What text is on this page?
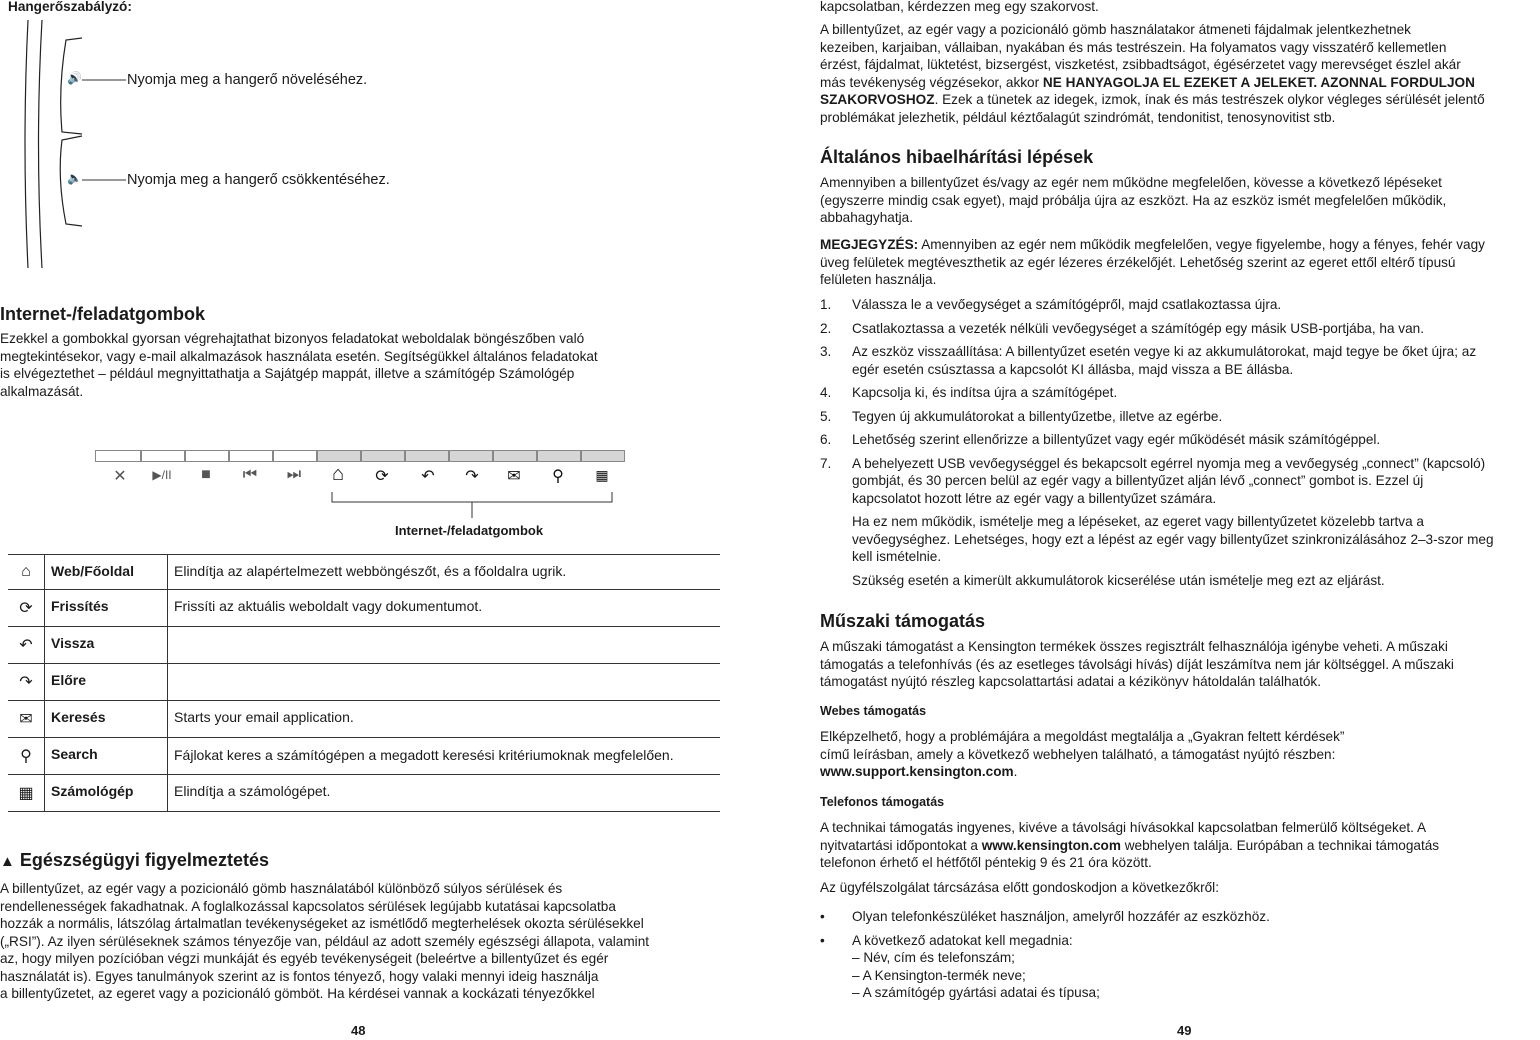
Hangerőszabályzó:
🔊
🔈
Nyomja meg a hangerő növeléséhez.
Nyomja meg a hangerő csökkentéséhez.
Internet-/feladatgombok
Ezekkel a gombokkal gyorsan végrehajtathat bizonyos feladatokat weboldalak böngészőben való
megtekintésekor, vagy e-mail alkalmazások használata esetén. Segítségükkel általános feladatokat
is elvégeztethet – például megnyittathatja a Sajátgép mappát, illetve a számítógép Számológép
alkalmazását.
✕	▶/II	■	⏮	⏭	⌂	⟳	↶	↷	✉	⚲	▦
Internet-/feladatgombok
⌂	Web/Főoldal	Elindítja az alapértelmezett webböngészőt, és a főoldalra ugrik.
⟳	Frissítés	Frissíti az aktuális weboldalt vagy dokumentumot.
↶	Vissza	
↷	Előre	
✉	Keresés	Starts your email application.
⚲	Search	Fájlokat keres a számítógépen a megadott keresési kritériumoknak megfelelően.
▦	Számológép	Elindítja a számológépet.
▲ Egészségügyi figyelmeztetés
A billentyűzet, az egér vagy a pozicionáló gömb használatából különböző súlyos sérülések és
rendellenességek fakadhatnak. A foglalkozással kapcsolatos sérülések legújabb kutatásai kapcsolatba
hozzák a normális, látszólag ártalmatlan tevékenységeket az ismétlődő megterhelések okozta sérülésekkel
(„RSI”). Az ilyen sérüléseknek számos tényezője van, például az adott személy egészségi állapota, valamint
az, hogy milyen pozícióban végzi munkáját és egyéb tevékenységeit (beleértve a billentyűzet és egér
használatát is). Egyes tanulmányok szerint az is fontos tényező, hogy valaki mennyi ideig használja
a billentyűzetet, az egeret vagy a pozicionáló gömböt. Ha kérdései vannak a kockázati tényezőkkel
48
kapcsolatban, kérdezzen meg egy szakorvost.
A billentyűzet, az egér vagy a pozicionáló gömb használatakor átmeneti fájdalmak jelentkezhetnek
kezeiben, karjaiban, vállaiban, nyakában és más testrészein. Ha folyamatos vagy visszatérő kellemetlen
érzést, fájdalmat, lüktetést, bizsergést, viszketést, zsibbadtságot, égésérzetet vagy merevséget észlel akár
más tevékenység végzésekor, akkor NE HANYAGOLJA EL EZEKET A JELEKET. AZONNAL FORDULJON
SZAKORVOSHOZ. Ezek a tünetek az idegek, izmok, ínak és más testrészek olykor végleges sérülését jelentő
problémákat jelezhetik, például kéztőalagút szindrómát, tendonitist, tenosynovitist stb.
Általános hibaelhárítási lépések
Amennyiben a billentyűzet és/vagy az egér nem működne megfelelően, kövesse a következő lépéseket
(egyszerre mindig csak egyet), majd próbálja újra az eszközt. Ha az eszköz ismét megfelelően működik,
abbahagyhatja.
MEGJEGYZÉS: Amennyiben az egér nem működik megfelelően, vegye figyelembe, hogy a fényes, fehér vagy
üveg felületek megtéveszthetik az egér lézeres érzékelőjét. Lehetőség szerint az egeret ettől eltérő típusú
felületen használja.
1. Válassza le a vevőegységet a számítógépről, majd csatlakoztassa újra.
2. Csatlakoztassa a vezeték nélküli vevőegységet a számítógép egy másik USB-portjába, ha van.
3. Az eszköz visszaállítása: A billentyűzet esetén vegye ki az akkumulátorokat, majd tegye be őket újra; az
egér esetén csúsztassa a kapcsolót KI állásba, majd vissza a BE állásba.
4. Kapcsolja ki, és indítsa újra a számítógépet.
5. Tegyen új akkumulátorokat a billentyűzetbe, illetve az egérbe.
6. Lehetőség szerint ellenőrizze a billentyűzet vagy egér működését másik számítógéppel.
7. A behelyezett USB vevőegységgel és bekapcsolt egérrel nyomja meg a vevőegység „connect” (kapcsoló)
gombját, és 30 percen belül az egér vagy a billentyűzet alján lévő „connect” gombot is. Ezzel új
kapcsolatot hozott létre az egér vagy a billentyűzet számára.
Ha ez nem működik, ismételje meg a lépéseket, az egeret vagy billentyűzetet közelebb tartva a
vevőegységhez. Lehetséges, hogy ezt a lépést az egér vagy billentyűzet szinkronizálásához 2–3-szor meg
kell ismételnie.
Szükség esetén a kimerült akkumulátorok kicserélése után ismételje meg ezt az eljárást.
Műszaki támogatás
A műszaki támogatást a Kensington termékek összes regisztrált felhasználója igénybe veheti. A műszaki
támogatás a telefonhívás (és az esetleges távolsági hívás) díját leszámítva nem jár költséggel. A műszaki
támogatást nyújtó részleg kapcsolattartási adatai a kézikönyv hátoldalán találhatók.
Webes támogatás
Elképzelhető, hogy a problémájára a megoldást megtalálja a „Gyakran feltett kérdések”
című leírásban, amely a következő webhelyen található, a támogatást nyújtó részben:
www.support.kensington.com.
Telefonos támogatás
A technikai támogatás ingyenes, kivéve a távolsági hívásokkal kapcsolatban felmerülő költségeket. A
nyitvatartási időpontokat a www.kensington.com webhelyen találja. Európában a technikai támogatás
telefonon érhető el hétfőtől péntekig 9 és 21 óra között.
Az ügyfélszolgálat tárcsázása előtt gondoskodjon a következőkről:
• Olyan telefonkészüléket használjon, amelyről hozzáfér az eszközhöz.
• A következő adatokat kell megadnia:
– Név, cím és telefonszám;
– A Kensington-termék neve;
– A számítógép gyártási adatai és típusa;
49
